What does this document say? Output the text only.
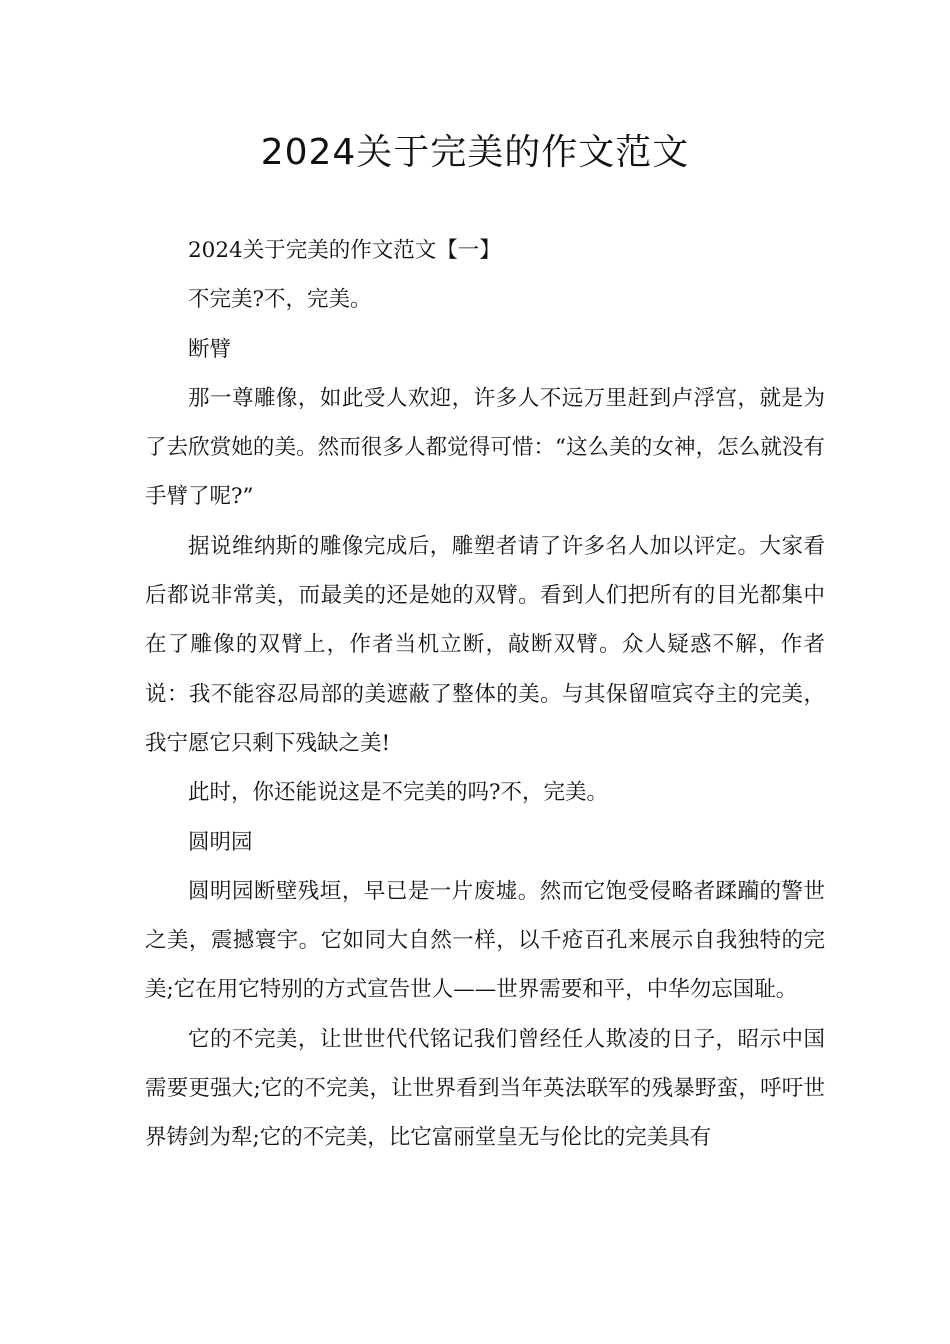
2024关于完美的作文范文

2024关于完美的作文范文【一】

不完美?不，完美。

断臂

那一尊雕像，如此受人欢迎，许多人不远万里赶到卢浮宫，就是为了去欣赏她的美。然而很多人都觉得可惜：“这么美的女神，怎么就没有手臂了呢?”

据说维纳斯的雕像完成后，雕塑者请了许多名人加以评定。大家看后都说非常美，而最美的还是她的双臂。看到人们把所有的目光都集中在了雕像的双臂上，作者当机立断，敲断双臂。众人疑惑不解，作者说：我不能容忍局部的美遮蔽了整体的美。与其保留喧宾夺主的完美，我宁愿它只剩下残缺之美!

此时，你还能说这是不完美的吗?不，完美。

圆明园

圆明园断壁残垣，早已是一片废墟。然而它饱受侵略者蹂躏的警世之美，震撼寰宇。它如同大自然一样，以千疮百孔来展示自我独特的完美;它在用它特别的方式宣告世人——世界需要和平，中华勿忘国耻。

它的不完美，让世世代代铭记我们曾经任人欺凌的日子，昭示中国需要更强大;它的不完美，让世界看到当年英法联军的残暴野蛮，呼吁世界铸剑为犁;它的不完美，比它富丽堂皇无与伦比的完美具有
